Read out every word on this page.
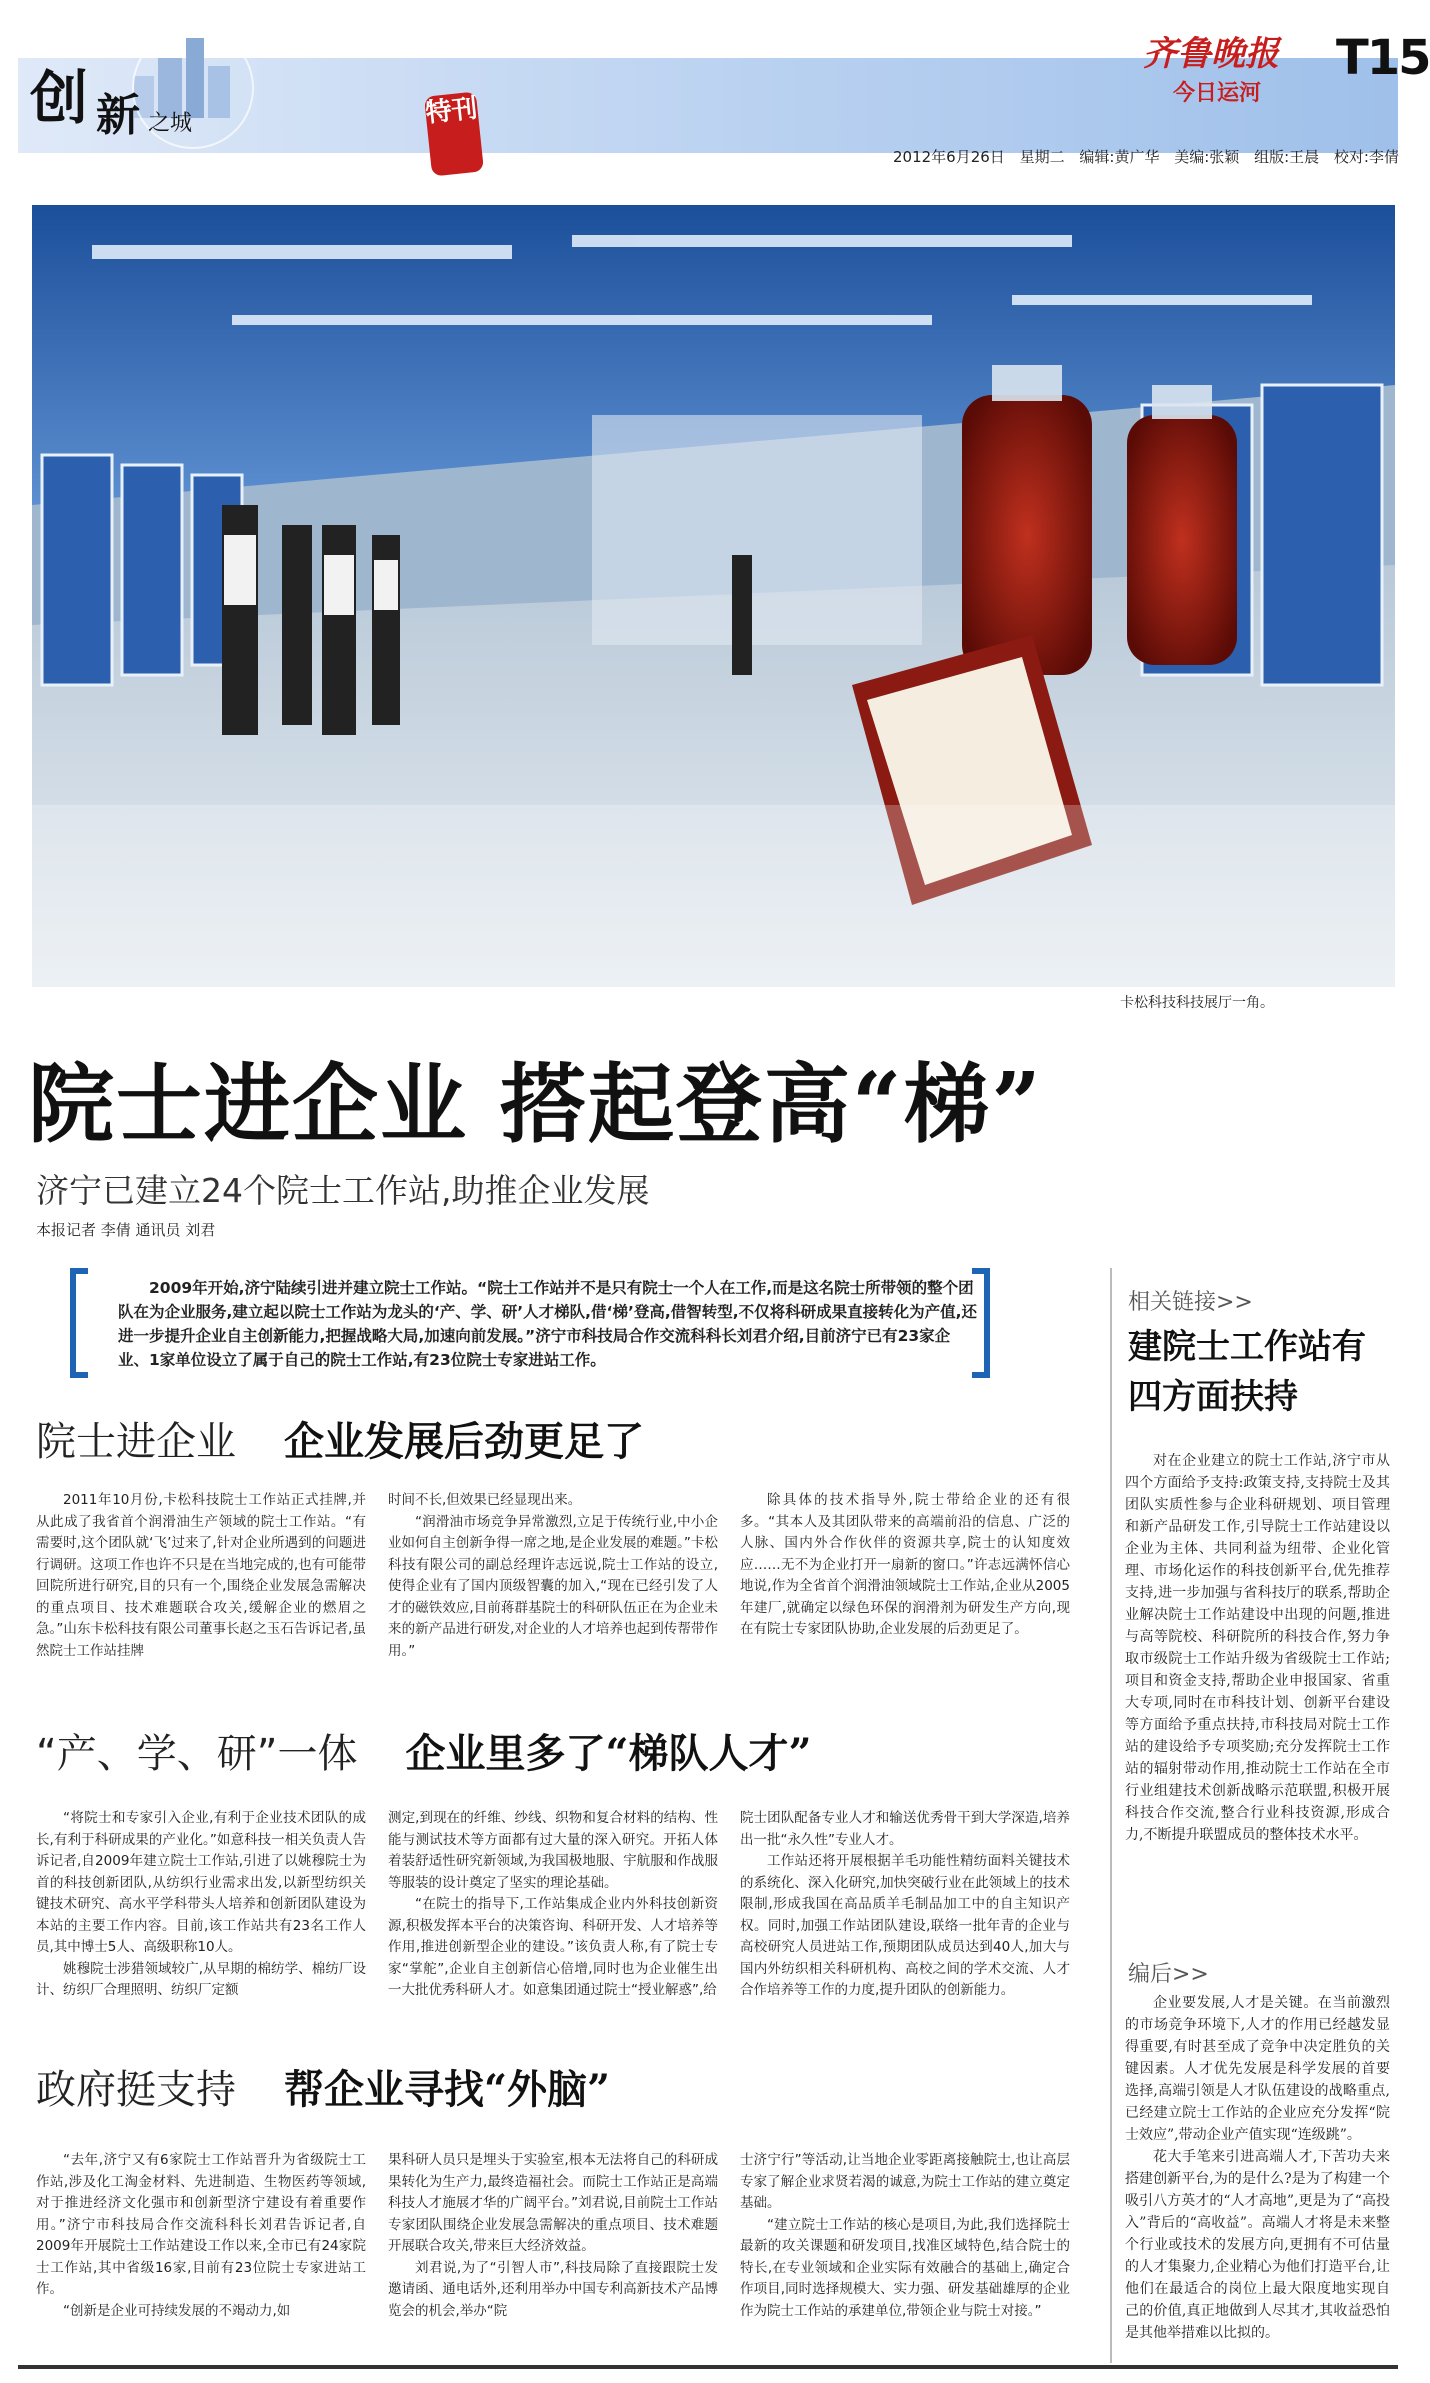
创 新 之城	特刊
齐鲁晚报
今日运河
T15
2012年6月26日 星期二 编辑:黄广华 美编:张颖 组版:王晨 校对:李倩
卡松科技科技展厅一角。
院士进企业 搭起登高“梯”
济宁已建立24个院士工作站,助推企业发展
本报记者 李倩 通讯员 刘君
2009年开始,济宁陆续引进并建立院士工作站。“院士工作站并不是只有院士一个人在工作,而是这名院士所带领的整个团队在为企业服务,建立起以院士工作站为龙头的‘产、学、研’人才梯队,借‘梯’登高,借智转型,不仅将科研成果直接转化为产值,还进一步提升企业自主创新能力,把握战略大局,加速向前发展。”济宁市科技局合作交流科科长刘君介绍,目前济宁已有23家企业、1家单位设立了属于自己的院士工作站,有23位院士专家进站工作。
院士进企业 企业发展后劲更足了

2011年10月份,卡松科技院士工作站正式挂牌,并从此成了我省首个润滑油生产领域的院士工作站。“有需要时,这个团队就‘飞’过来了,针对企业所遇到的问题进行调研。这项工作也许不只是在当地完成的,也有可能带回院所进行研究,目的只有一个,围绕企业发展急需解决的重点项目、技术难题联合攻关,缓解企业的燃眉之急。”山东卡松科技有限公司董事长赵之玉石告诉记者,虽然院士工作站挂牌

时间不长,但效果已经显现出来。

“润滑油市场竞争异常激烈,立足于传统行业,中小企业如何自主创新争得一席之地,是企业发展的难题。”卡松科技有限公司的副总经理许志远说,院士工作站的设立,使得企业有了国内顶级智囊的加入,“现在已经引发了人才的磁铁效应,目前蒋群基院士的科研队伍正在为企业未来的新产品进行研发,对企业的人才培养也起到传帮带作用。”

除具体的技术指导外,院士带给企业的还有很多。“其本人及其团队带来的高端前沿的信息、广泛的人脉、国内外合作伙伴的资源共享,院士的认知度效应……无不为企业打开一扇新的窗口。”许志远满怀信心地说,作为全省首个润滑油领域院士工作站,企业从2005年建厂,就确定以绿色环保的润滑剂为研发生产方向,现在有院士专家团队协助,企业发展的后劲更足了。

“产、学、研”一体 企业里多了“梯队人才”

“将院士和专家引入企业,有利于企业技术团队的成长,有利于科研成果的产业化。”如意科技一相关负责人告诉记者,自2009年建立院士工作站,引进了以姚穆院士为首的科技创新团队,从纺织行业需求出发,以新型纺织关键技术研究、高水平学科带头人培养和创新团队建设为本站的主要工作内容。目前,该工作站共有23名工作人员,其中博士5人、高级职称10人。

姚穆院士涉猎领域较广,从早期的棉纺学、棉纺厂设计、纺织厂合理照明、纺织厂定额

测定,到现在的纤维、纱线、织物和复合材料的结构、性能与测试技术等方面都有过大量的深入研究。开拓人体着装舒适性研究新领域,为我国极地服、宇航服和作战服等服装的设计奠定了坚实的理论基础。

“在院士的指导下,工作站集成企业内外科技创新资源,积极发挥本平台的决策咨询、科研开发、人才培养等作用,推进创新型企业的建设。”该负责人称,有了院士专家“掌舵”,企业自主创新信心倍增,同时也为企业催生出一大批优秀科研人才。如意集团通过院士“授业解惑”,给

院士团队配备专业人才和输送优秀骨干到大学深造,培养出一批“永久性”专业人才。

工作站还将开展根据羊毛功能性精纺面料关键技术的系统化、深入化研究,加快突破行业在此领域上的技术限制,形成我国在高品质羊毛制品加工中的自主知识产权。同时,加强工作站团队建设,联络一批年青的企业与高校研究人员进站工作,预期团队成员达到40人,加大与国内外纺织相关科研机构、高校之间的学术交流、人才合作培养等工作的力度,提升团队的创新能力。

政府挺支持 帮企业寻找“外脑”

“去年,济宁又有6家院士工作站晋升为省级院士工作站,涉及化工淘金材料、先进制造、生物医药等领域,对于推进经济文化强市和创新型济宁建设有着重要作用。”济宁市科技局合作交流科科长刘君告诉记者,自2009年开展院士工作站建设工作以来,全市已有24家院士工作站,其中省级16家,目前有23位院士专家进站工作。

“创新是企业可持续发展的不竭动力,如

果科研人员只是埋头于实验室,根本无法将自己的科研成果转化为生产力,最终造福社会。而院士工作站正是高端科技人才施展才华的广阔平台。”刘君说,目前院士工作站专家团队围绕企业发展急需解决的重点项目、技术难题开展联合攻关,带来巨大经济效益。

刘君说,为了“引智人市”,科技局除了直接跟院士发邀请函、通电话外,还利用举办中国专利高新技术产品博览会的机会,举办“院

士济宁行”等活动,让当地企业零距离接触院士,也让高层专家了解企业求贤若渴的诚意,为院士工作站的建立奠定基础。

“建立院士工作站的核心是项目,为此,我们选择院士最新的攻关课题和研发项目,找准区域特色,结合院士的特长,在专业领域和企业实际有效融合的基础上,确定合作项目,同时选择规模大、实力强、研发基础雄厚的企业作为院士工作站的承建单位,带领企业与院士对接。”

相关链接>>
建院士工作站有四方面扶持

对在企业建立的院士工作站,济宁市从四个方面给予支持:政策支持,支持院士及其团队实质性参与企业科研规划、项目管理和新产品研发工作,引导院士工作站建设以企业为主体、共同利益为纽带、企业化管理、市场化运作的科技创新平台,优先推荐支持,进一步加强与省科技厅的联系,帮助企业解决院士工作站建设中出现的问题,推进与高等院校、科研院所的科技合作,努力争取市级院士工作站升级为省级院士工作站;项目和资金支持,帮助企业申报国家、省重大专项,同时在市科技计划、创新平台建设等方面给予重点扶持,市科技局对院士工作站的建设给予专项奖励;充分发挥院士工作站的辐射带动作用,推动院士工作站在全市行业组建技术创新战略示范联盟,积极开展科技合作交流,整合行业科技资源,形成合力,不断提升联盟成员的整体技术水平。

编后>>

企业要发展,人才是关键。在当前激烈的市场竞争环境下,人才的作用已经越发显得重要,有时甚至成了竞争中决定胜负的关键因素。人才优先发展是科学发展的首要选择,高端引领是人才队伍建设的战略重点,已经建立院士工作站的企业应充分发挥“院士效应”,带动企业产值实现“连级跳”。

花大手笔来引进高端人才,下苦功夫来搭建创新平台,为的是什么?是为了构建一个吸引八方英才的“人才高地”,更是为了“高投入”背后的“高收益”。高端人才将是未来整个行业或技术的发展方向,更拥有不可估量的人才集聚力,企业精心为他们打造平台,让他们在最适合的岗位上最大限度地实现自己的价值,真正地做到人尽其才,其收益恐怕是其他举措难以比拟的。
